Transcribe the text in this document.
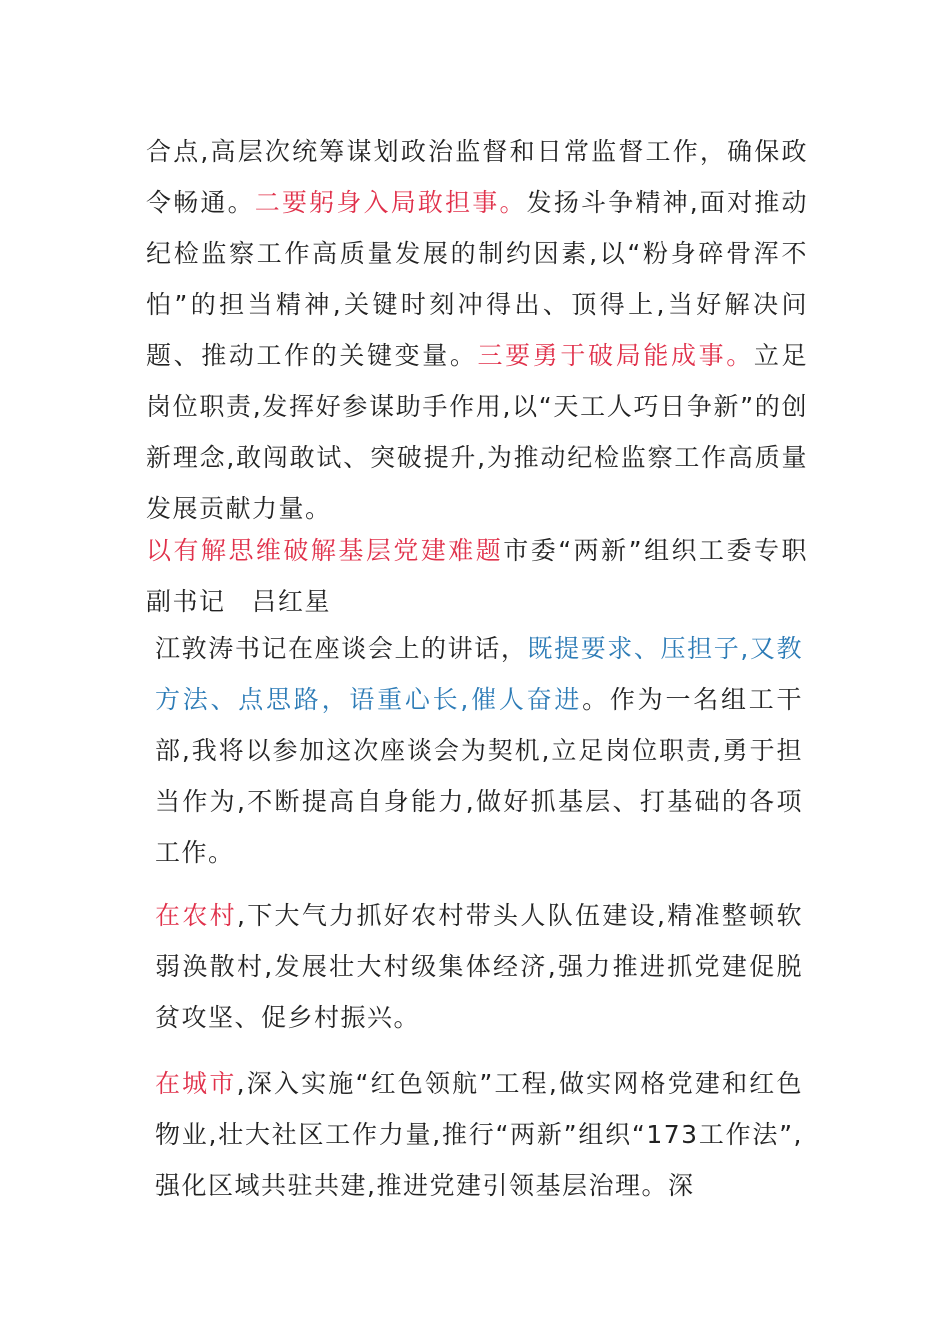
合点,高层次统筹谋划政治监督和日常监督工作，确保政令畅通。二要躬身入局敢担事。发扬斗争精神,面对推动纪检监察工作高质量发展的制约因素,以“粉身碎骨浑不怕”的担当精神,关键时刻冲得出、顶得上,当好解决问题、推动工作的关键变量。三要勇于破局能成事。立足岗位职责,发挥好参谋助手作用,以“天工人巧日争新”的创新理念,敢闯敢试、突破提升,为推动纪检监察工作高质量发展贡献力量。
以有解思维破解基层党建难题市委“两新”组织工委专职副书记 吕红星
江敦涛书记在座谈会上的讲话，既提要求、压担子,又教方法、点思路，语重心长,催人奋进。作为一名组工干部,我将以参加这次座谈会为契机,立足岗位职责,勇于担当作为,不断提高自身能力,做好抓基层、打基础的各项工作。
在农村,下大气力抓好农村带头人队伍建设,精准整顿软弱涣散村,发展壮大村级集体经济,强力推进抓党建促脱贫攻坚、促乡村振兴。
在城市,深入实施“红色领航”工程,做实网格党建和红色物业,壮大社区工作力量,推行“两新”组织“173工作法”,强化区域共驻共建,推进党建引领基层治理。深
